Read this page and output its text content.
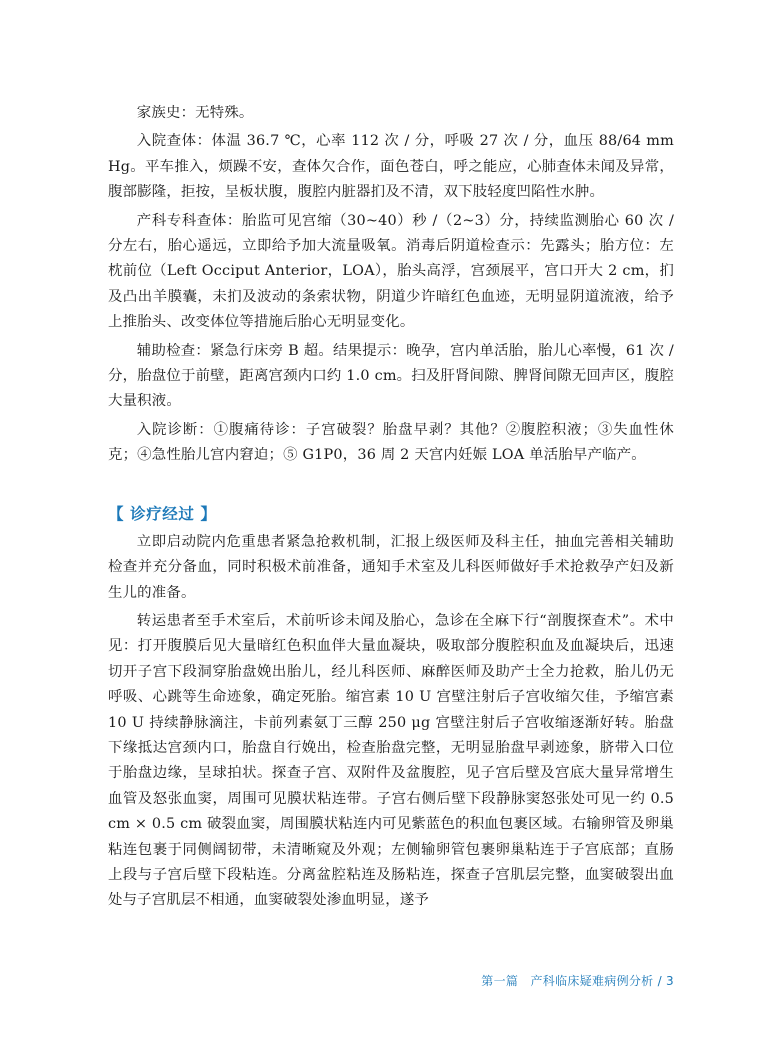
家族史：无特殊。

入院查体：体温 36.7 ℃，心率 112 次 / 分，呼吸 27 次 / 分，血压 88/64 mmHg。平车推入，烦躁不安，查体欠合作，面色苍白，呼之能应，心肺查体未闻及异常，腹部膨隆，拒按，呈板状腹，腹腔内脏器扪及不清，双下肢轻度凹陷性水肿。

产科专科查体：胎监可见宫缩（30~40）秒 /（2~3）分，持续监测胎心 60 次 / 分左右，胎心遥远，立即给予加大流量吸氧。消毒后阴道检查示：先露头；胎方位：左枕前位（Left Occiput Anterior，LOA），胎头高浮，宫颈展平，宫口开大 2 cm，扪及凸出羊膜囊，未扪及波动的条索状物，阴道少许暗红色血迹，无明显阴道流液，给予上推胎头、改变体位等措施后胎心无明显变化。

辅助检查：紧急行床旁 B 超。结果提示：晚孕，宫内单活胎，胎儿心率慢，61 次 / 分，胎盘位于前壁，距离宫颈内口约 1.0 cm。扫及肝肾间隙、脾肾间隙无回声区，腹腔大量积液。

入院诊断：①腹痛待诊：子宫破裂？胎盘早剥？其他？②腹腔积液；③失血性休克；④急性胎儿宫内窘迫；⑤ G1P0，36 周 2 天宫内妊娠 LOA 单活胎早产临产。

【 诊疗经过 】

立即启动院内危重患者紧急抢救机制，汇报上级医师及科主任，抽血完善相关辅助检查并充分备血，同时积极术前准备，通知手术室及儿科医师做好手术抢救孕产妇及新生儿的准备。

转运患者至手术室后，术前听诊未闻及胎心，急诊在全麻下行“剖腹探查术”。术中见：打开腹膜后见大量暗红色积血伴大量血凝块，吸取部分腹腔积血及血凝块后，迅速切开子宫下段洞穿胎盘娩出胎儿，经儿科医师、麻醉医师及助产士全力抢救，胎儿仍无呼吸、心跳等生命迹象，确定死胎。缩宫素 10 U 宫壁注射后子宫收缩欠佳，予缩宫素 10 U 持续静脉滴注，卡前列素氨丁三醇 250 μg 宫壁注射后子宫收缩逐渐好转。胎盘下缘抵达宫颈内口，胎盘自行娩出，检查胎盘完整，无明显胎盘早剥迹象，脐带入口位于胎盘边缘，呈球拍状。探查子宫、双附件及盆腹腔，见子宫后壁及宫底大量异常增生血管及怒张血窦，周围可见膜状粘连带。子宫右侧后壁下段静脉窦怒张处可见一约 0.5 cm × 0.5 cm 破裂血窦，周围膜状粘连内可见紫蓝色的积血包裹区域。右输卵管及卵巢粘连包裹于同侧阔韧带，未清晰窥及外观；左侧输卵管包裹卵巢粘连于子宫底部；直肠上段与子宫后壁下段粘连。分离盆腔粘连及肠粘连，探查子宫肌层完整，血窦破裂出血处与子宫肌层不相通，血窦破裂处渗血明显，遂予

第一篇　产科临床疑难病例分析 / 3
